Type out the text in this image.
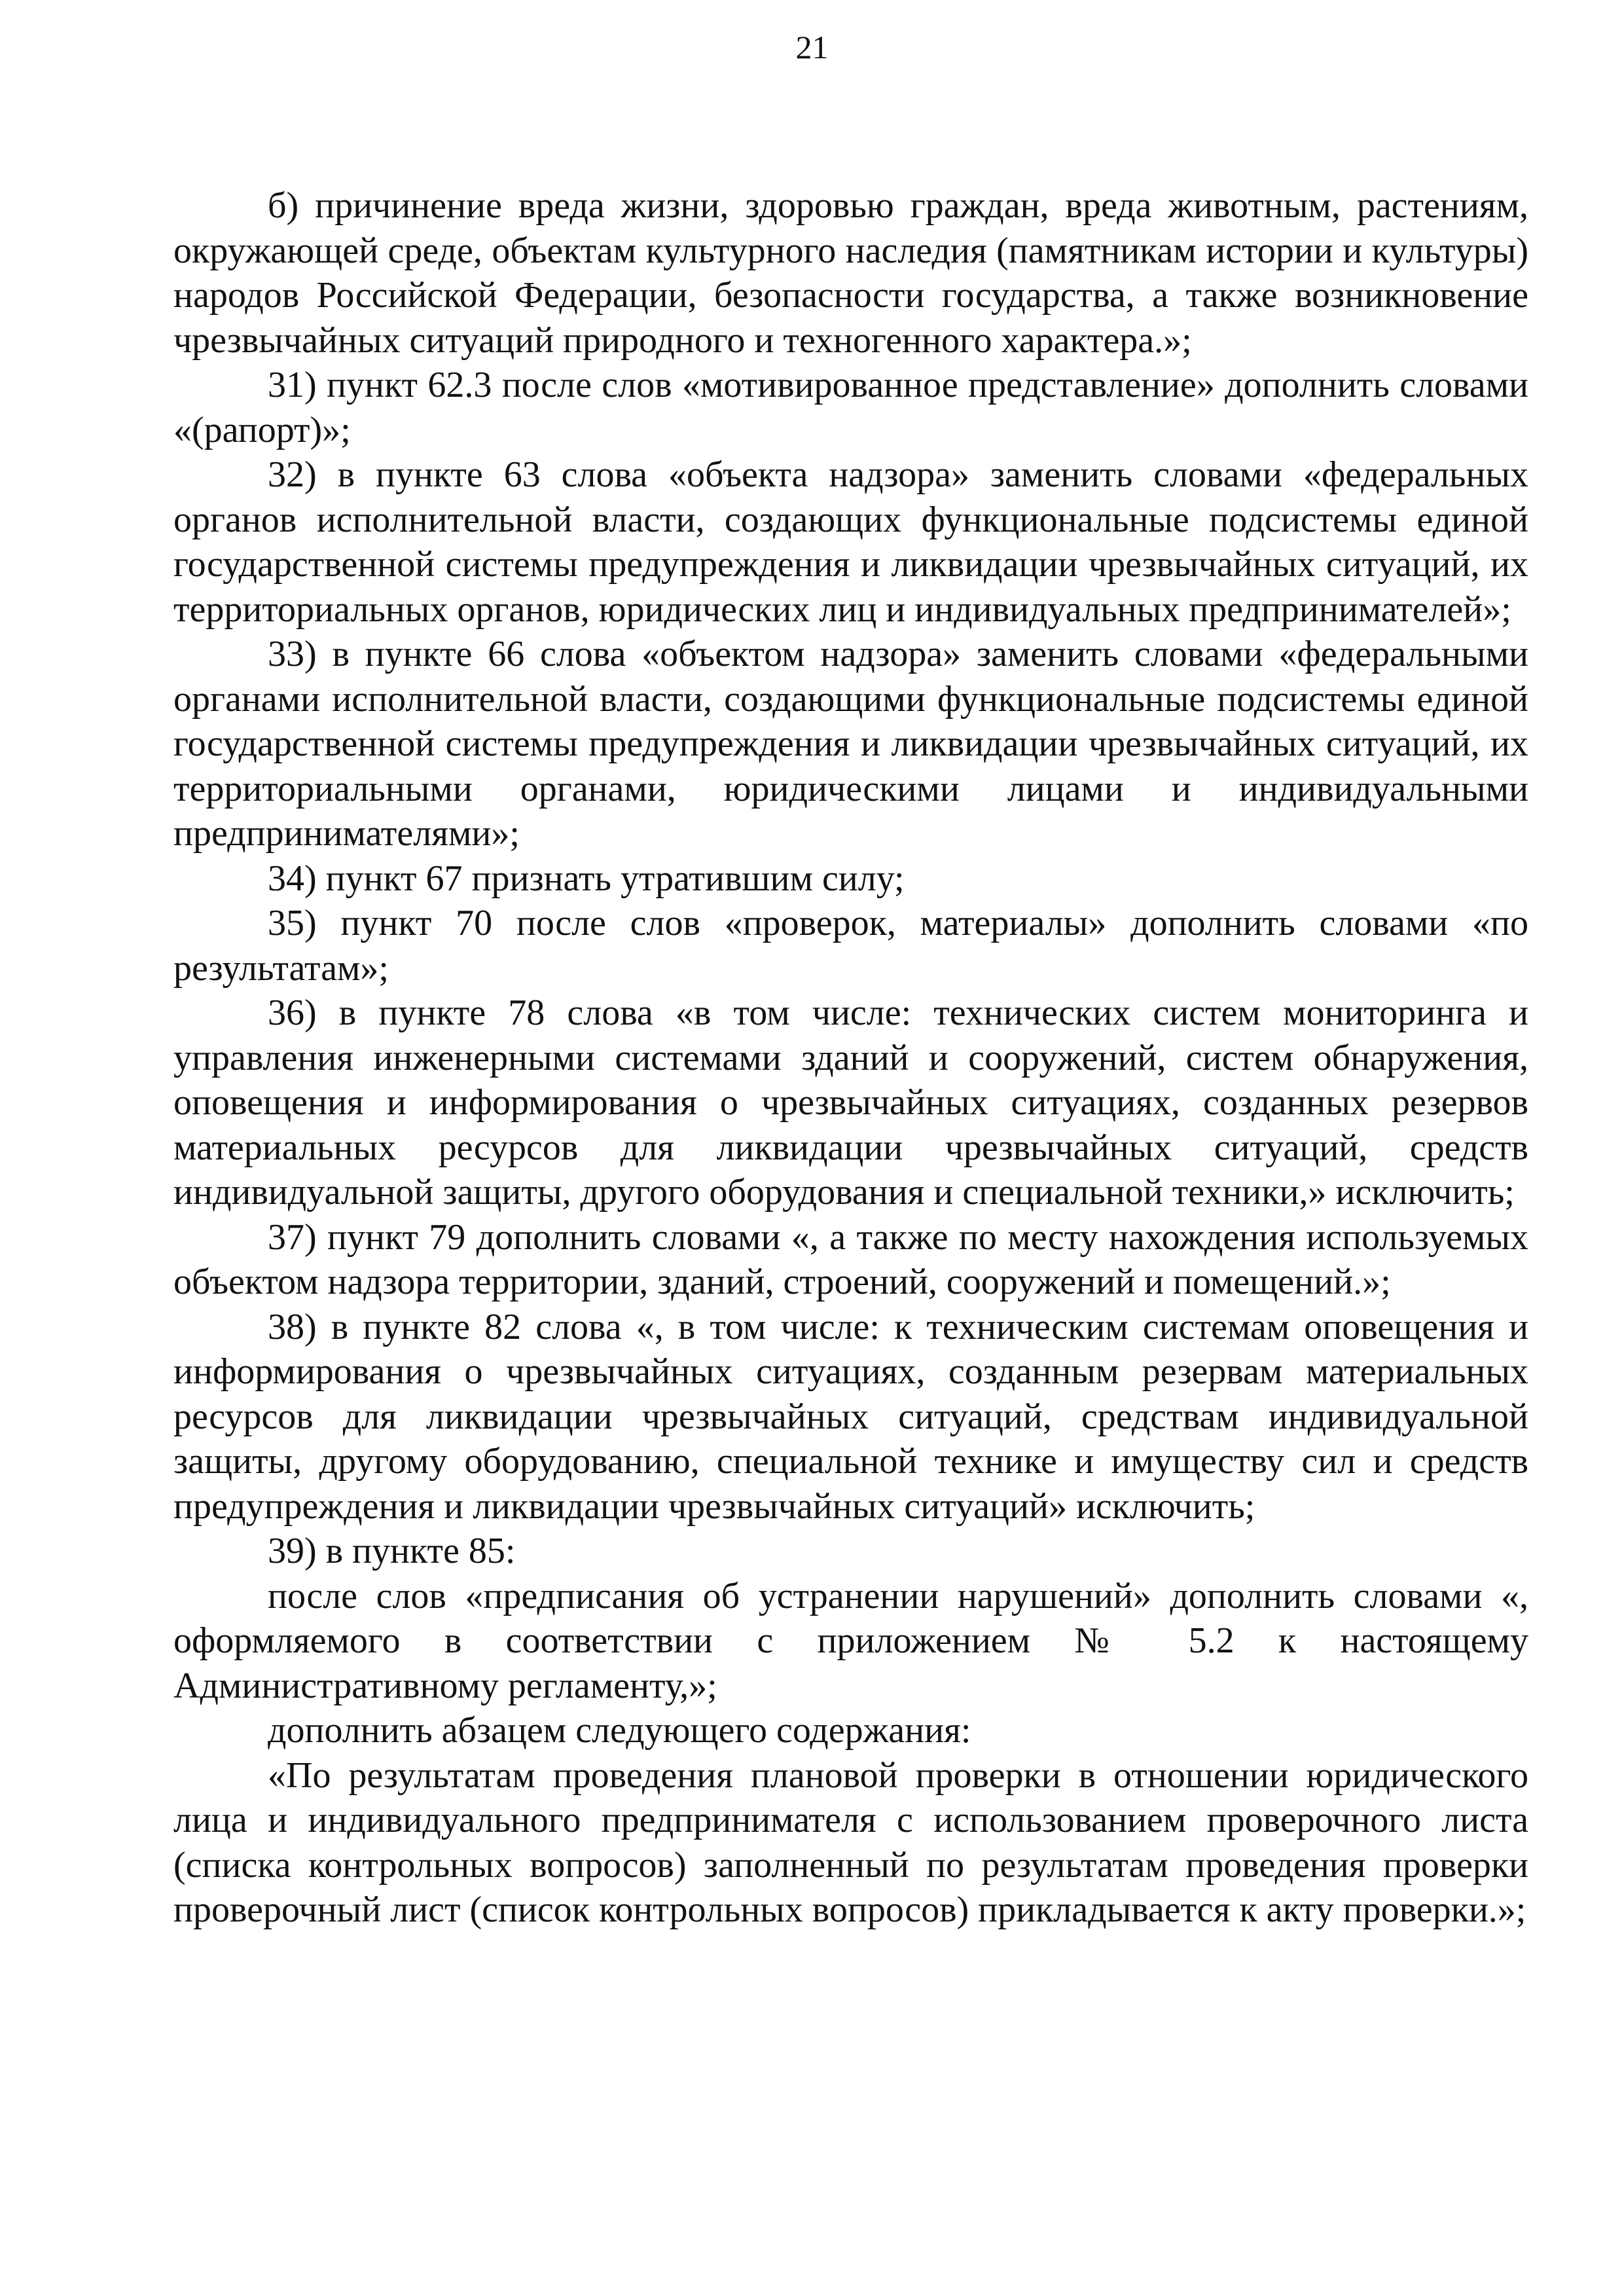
21

б) причинение вреда жизни, здоровью граждан, вреда животным, растениям, окружающей среде, объектам культурного наследия (памятникам истории и культуры) народов Российской Федерации, безопасности государства, а также возникновение чрезвычайных ситуаций природного и техногенного характера.»;

31) пункт 62.3 после слов «мотивированное представление» дополнить словами «(рапорт)»;

32) в пункте 63 слова «объекта надзора» заменить словами «федеральных органов исполнительной власти, создающих функциональные подсистемы единой государственной системы предупреждения и ликвидации чрезвычайных ситуаций, их территориальных органов, юридических лиц и индивидуальных предпринимателей»;

33) в пункте 66 слова «объектом надзора» заменить словами «федеральными органами исполнительной власти, создающими функциональные подсистемы единой государственной системы предупреждения и ликвидации чрезвычайных ситуаций, их территориальными органами, юридическими лицами и индивидуальными предпринимателями»;

34) пункт 67 признать утратившим силу;

35) пункт 70 после слов «проверок, материалы» дополнить словами «по результатам»;

36) в пункте 78 слова «в том числе: технических систем мониторинга и управления инженерными системами зданий и сооружений, систем обнаружения, оповещения и информирования о чрезвычайных ситуациях, созданных резервов материальных ресурсов для ликвидации чрезвычайных ситуаций, средств индивидуальной защиты, другого оборудования и специальной техники,» исключить;

37) пункт 79 дополнить словами «, а также по месту нахождения используемых объектом надзора территории, зданий, строений, сооружений и помещений.»;

38) в пункте 82 слова «, в том числе: к техническим системам оповещения и информирования о чрезвычайных ситуациях, созданным резервам материальных ресурсов для ликвидации чрезвычайных ситуаций, средствам индивидуальной защиты, другому оборудованию, специальной технике и имуществу сил и средств предупреждения и ликвидации чрезвычайных ситуаций» исключить;

39) в пункте 85:

после слов «предписания об устранении нарушений» дополнить словами «, оформляемого в соответствии с приложением № 5.2 к настоящему Административному регламенту,»;

дополнить абзацем следующего содержания:

«По результатам проведения плановой проверки в отношении юридического лица и индивидуального предпринимателя с использованием проверочного листа (списка контрольных вопросов) заполненный по результатам проведения проверки проверочный лист (список контрольных вопросов) прикладывается к акту проверки.»;
